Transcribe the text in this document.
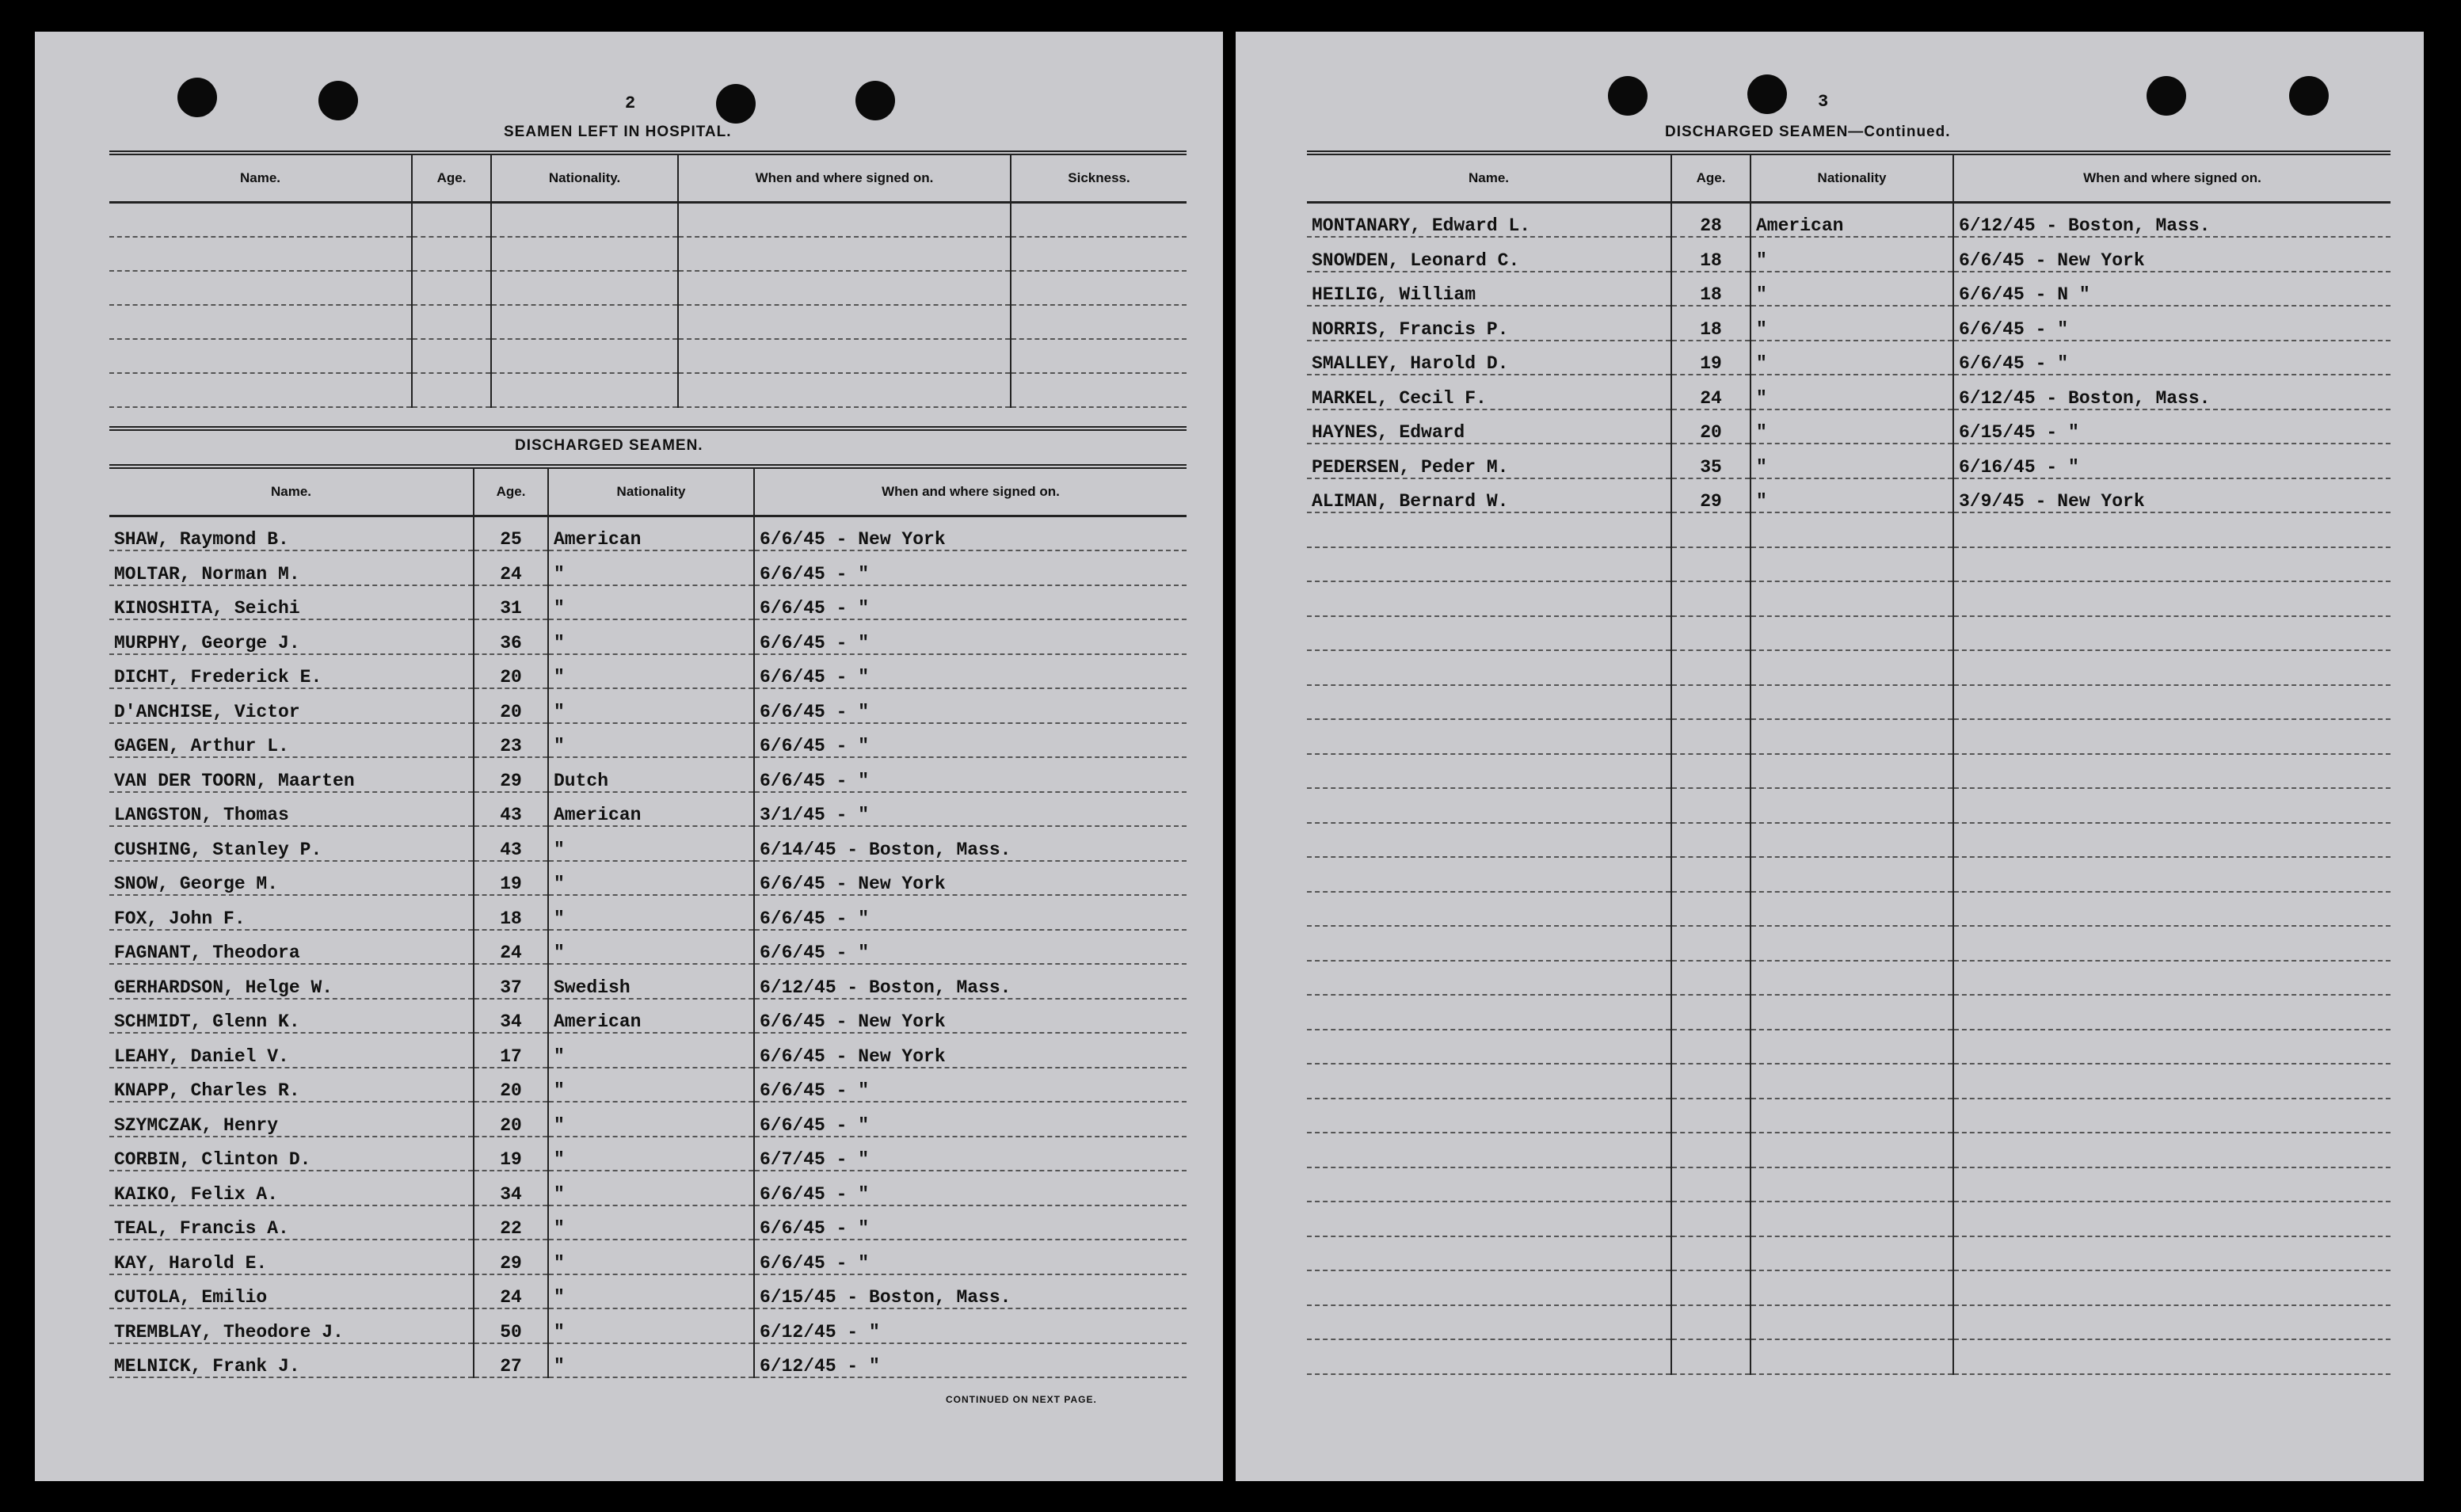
2
SEAMEN LEFT IN HOSPITAL.
Name.	Age.	Nationality.	When and where signed on.	Sickness.

DISCHARGED SEAMEN.
Name.	Age.	Nationality	When and where signed on.
SHAW, Raymond B.	25	American	6/6/45 - New York
MOLTAR, Norman M.	24	"	6/6/45 - "
KINOSHITA, Seichi	31	"	6/6/45 - "
MURPHY, George J.	36	"	6/6/45 - "
DICHT, Frederick E.	20	"	6/6/45 - "
D'ANCHISE, Victor	20	"	6/6/45 - "
GAGEN, Arthur L.	23	"	6/6/45 - "
VAN DER TOORN, Maarten	29	Dutch	6/6/45 - "
LANGSTON, Thomas	43	American	3/1/45 - "
CUSHING, Stanley P.	43	"	6/14/45 - Boston, Mass.
SNOW, George M.	19	"	6/6/45 - New York
FOX, John F.	18	"	6/6/45 - "
FAGNANT, Theodora	24	"	6/6/45 - "
GERHARDSON, Helge W.	37	Swedish	6/12/45 - Boston, Mass.
SCHMIDT, Glenn K.	34	American	6/6/45 - New York
LEAHY, Daniel V.	17	"	6/6/45 - New York
KNAPP, Charles R.	20	"	6/6/45 - "
SZYMCZAK, Henry	20	"	6/6/45 - "
CORBIN, Clinton D.	19	"	6/7/45 - "
KAIKO, Felix A.	34	"	6/6/45 - "
TEAL, Francis A.	22	"	6/6/45 - "
KAY, Harold E.	29	"	6/6/45 - "
CUTOLA, Emilio	24	"	6/15/45 - Boston, Mass.
TREMBLAY, Theodore J.	50	"	6/12/45 - "
MELNICK, Frank J.	27	"	6/12/45 - "
CONTINUED ON NEXT PAGE.
3
DISCHARGED SEAMEN—Continued.
Name.	Age.	Nationality	When and where signed on.
MONTANARY, Edward L.	28	American	6/12/45 - Boston, Mass.
SNOWDEN, Leonard C.	18	"	6/6/45 - New York
HEILIG, William	18	"	6/6/45 - N "
NORRIS, Francis P.	18	"	6/6/45 - "
SMALLEY, Harold D.	19	"	6/6/45 - "
MARKEL, Cecil F.	24	"	6/12/45 - Boston, Mass.
HAYNES, Edward	20	"	6/15/45 - "
PEDERSEN, Peder M.	35	"	6/16/45 - "
ALIMAN, Bernard W.	29	"	3/9/45 - New York
